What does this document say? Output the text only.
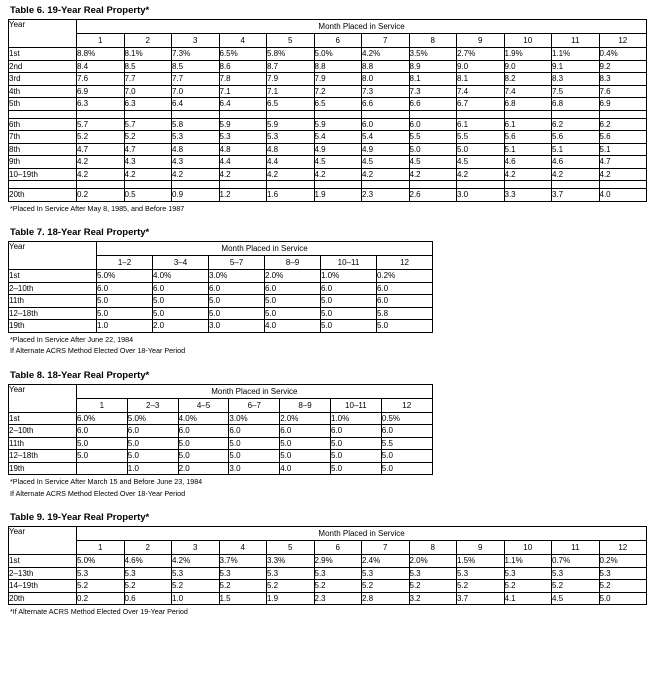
Table 6. 19-Year Real Property*
Year	Month Placed in Service											
	1	2	3	4	5	6	7	8	9	10	11	12
1st	8.8%	8.1%	7.3%	6.5%	5.8%	5.0%	4.2%	3.5%	2.7%	1.9%	1.1%	0.4%
2nd	8.4	8.5	8.5	8.6	8.7	8.8	8.8	8.9	9.0	9.0	9.1	9.2
3rd	7.6	7.7	7.7	7.8	7.9	7.9	8.0	8.1	8.1	8.2	8.3	8.3
4th	6.9	7.0	7.0	7.1	7.1	7.2	7.3	7.3	7.4	7.4	7.5	7.6
5th	6.3	6.3	6.4	6.4	6.5	6.5	6.6	6.6	6.7	6.8	6.8	6.9

6th	5.7	5.7	5.8	5.9	5.9	5.9	6.0	6.0	6.1	6.1	6.2	6.2
7th	5.2	5.2	5.3	5.3	5.3	5.4	5.4	5.5	5.5	5.6	5.6	5.6
8th	4.7	4.7	4.8	4.8	4.8	4.9	4.9	5.0	5.0	5.1	5.1	5.1
9th	4.2	4.3	4.3	4.4	4.4	4.5	4.5	4.5	4.5	4.6	4.6	4.7
10–19th	4.2	4.2	4.2	4.2	4.2	4.2	4.2	4.2	4.2	4.2	4.2	4.2

20th	0.2	0.5	0.9	1.2	1.6	1.9	2.3	2.6	3.0	3.3	3.7	4.0
*Placed In Service After May 8, 1985, and Before 1987
Table 7. 18-Year Real Property*
Year	Month Placed in Service					
	1–2	3–4	5–7	8–9	10–11	12
1st	5.0%	4.0%	3.0%	2.0%	1.0%	0.2%
2–10th	6.0	6.0	6.0	6.0	6.0	6.0
11th	5.0	5.0	5.0	5.0	5.0	6.0
12–18th	5.0	5.0	5.0	5.0	5.0	5.8
19th	1.0	2.0	3.0	4.0	5.0	5.0
*Placed In Service After June 22, 1984
If Alternate ACRS Method Elected Over 18-Year Period
Table 8. 18-Year Real Property*
Year	Month Placed in Service						
	1	2–3	4–5	6–7	8–9	10–11	12
1st	6.0%	5.0%	4.0%	3.0%	2.0%	1.0%	0.5%
2–10th	6.0	6.0	6.0	6.0	6.0	6.0	6.0
11th	5.0	5.0	5.0	5.0	5.0	5.0	5.5
12–18th	5.0	5.0	5.0	5.0	5.0	5.0	5.0
19th		1.0	2.0	3.0	4.0	5.0	5.0
*Placed In Service After March 15 and Before June 23, 1984
If Alternate ACRS Method Elected Over 18-Year Period
Table 9. 19-Year Real Property*
Year	Month Placed in Service											
	1	2	3	4	5	6	7	8	9	10	11	12
1st	5.0%	4.6%	4.2%	3.7%	3.3%	2.9%	2.4%	2.0%	1.5%	1.1%	0.7%	0.2%
2–13th	5.3	5.3	5.3	5.3	5.3	5.3	5.3	5.3	5.3	5.3	5.3	5.3
14–19th	5.2	5.2	5.2	5.2	5.2	5.2	5.2	5.2	5.2	5.2	5.2	5.2
20th	0.2	0.6	1.0	1.5	1.9	2.3	2.8	3.2	3.7	4.1	4.5	5.0
*If Alternate ACRS Method Elected Over 19-Year Period
